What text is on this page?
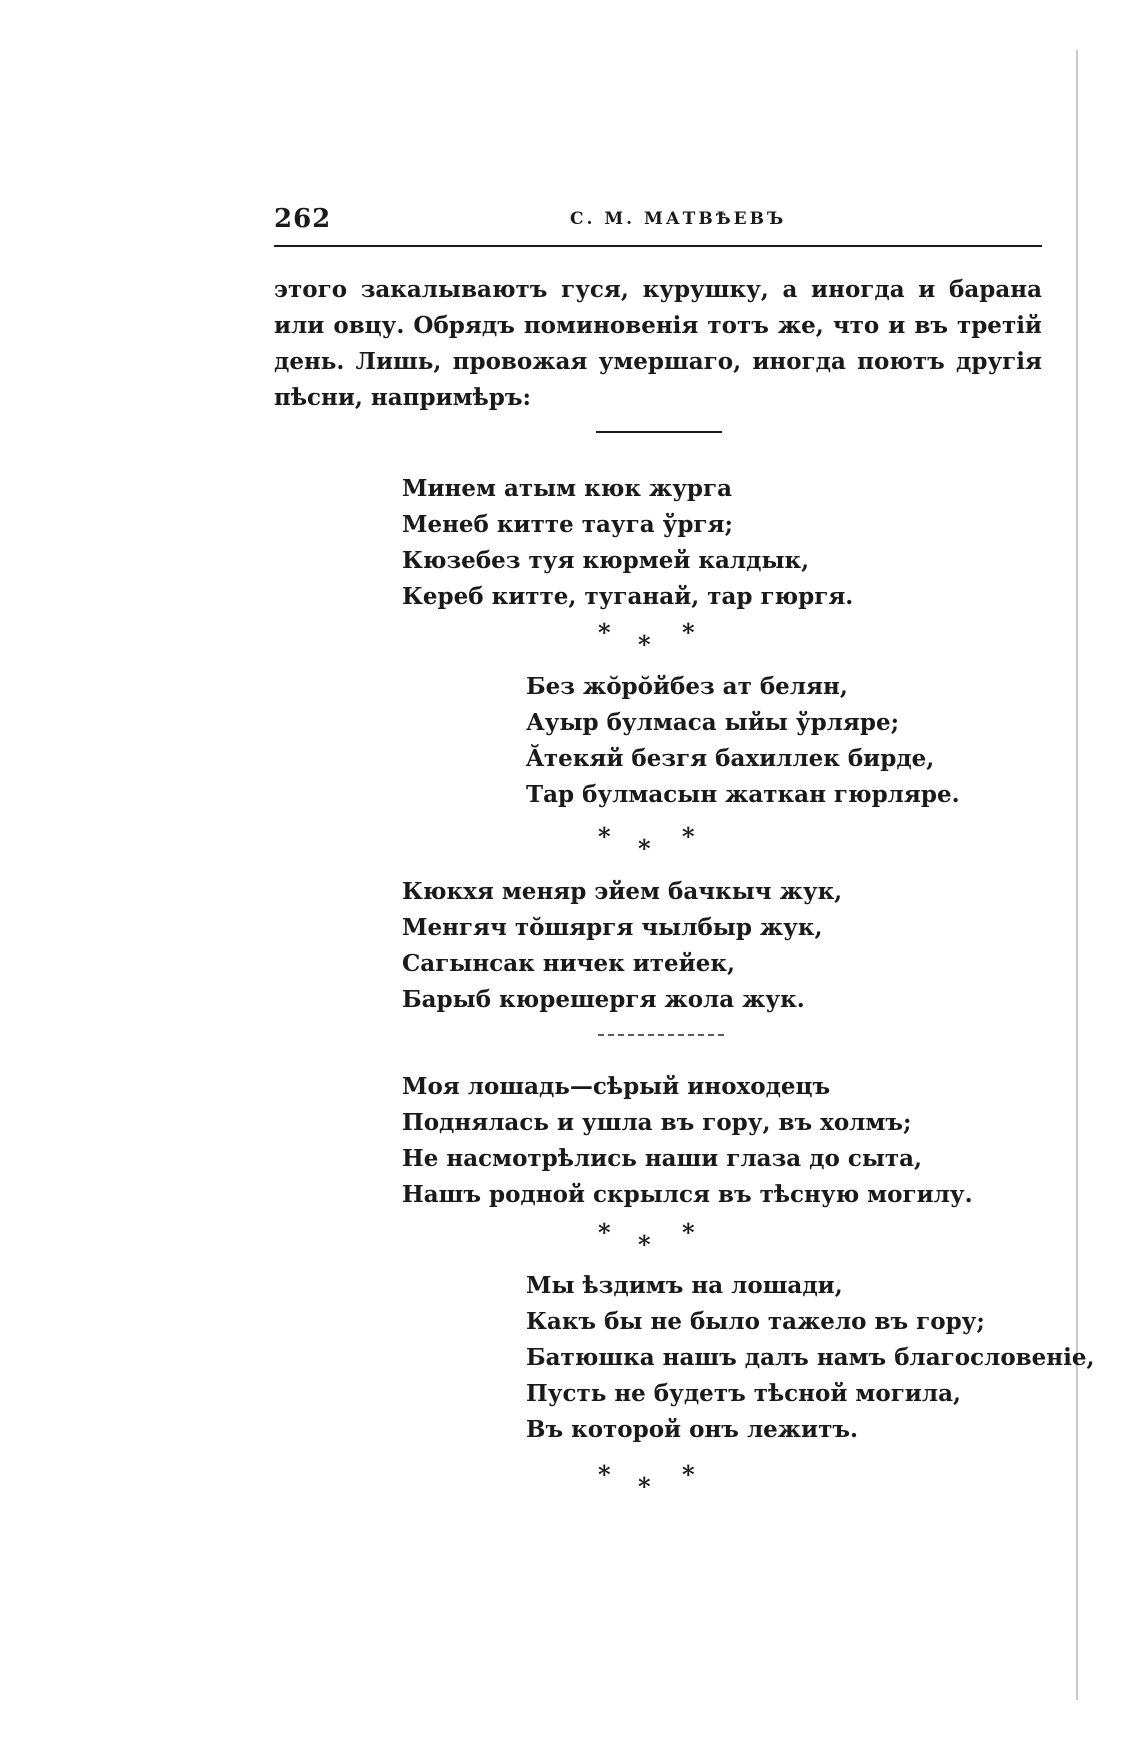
262	С. М. МАТВѢЕВЪ

этого закалываютъ гуся, курушку, а иногда и барана или овцу. Обрядъ поминовенія тотъ же, что и въ третій день. Лишь, провожая умершаго, иногда поютъ другія пѣсни, напримѣръ:

Минем атым кюк журга
Менеб китте тауга ўргя;
Кюзебез туя кюрмей калдык,
Кереб китте, туганай, тар гюргя.
* * *
Без жŏрŏйбез ат белян,
Ауыр булмаса ыйы ўрляре;
Ăтекяй безгя бахиллек бирде,
Тар булмасын жаткан гюрляре.
* * *
Кюкхя меняр эйем бачкыч жук,
Менгяч тŏшяргя чылбыр жук,
Сагынсак ничек итейек,
Барыб кюрешергя жола жук.
Моя лошадь—сѣрый иноходецъ
Поднялась и ушла въ гору, въ холмъ;
Не насмотрѣлись наши глаза до сыта,
Нашъ родной скрылся въ тѣсную могилу.
* * *
Мы ѣздимъ на лошади,
Какъ бы не было тажело въ гору;
Батюшка нашъ далъ намъ благословеніе,
Пусть не будетъ тѣсной могила,
Въ которой онъ лежитъ.
* * *
